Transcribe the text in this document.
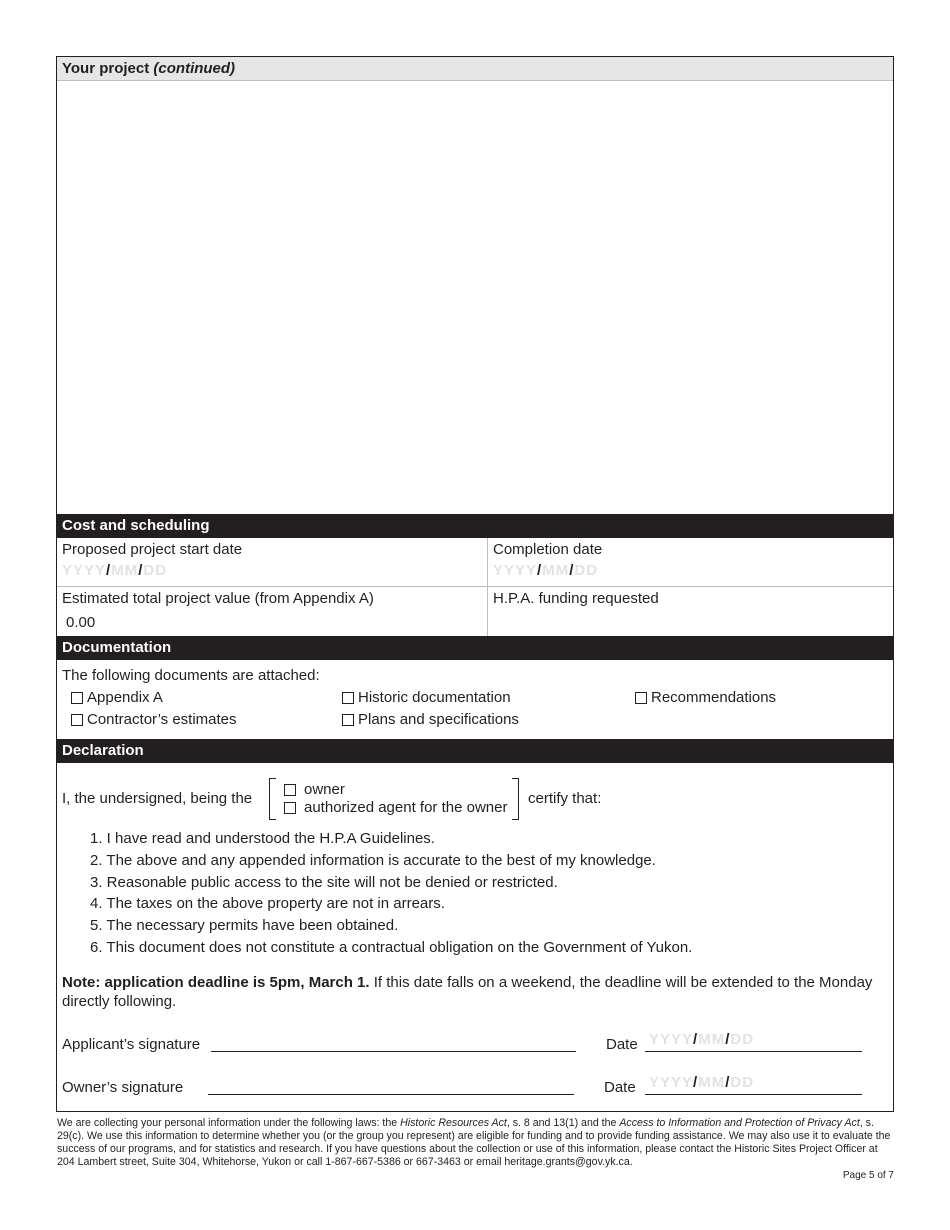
Your project (continued)
Cost and scheduling
Proposed project start date
YYYY/MM/DD
Completion date
YYYY/MM/DD
Estimated total project value (from Appendix A)
0.00
H.P.A. funding requested
Documentation
The following documents are attached:
Appendix A	Historic documentation	Recommendations
Contractor’s estimates	Plans and specifications
Declaration
I, the undersigned, being the
owner
authorized agent for the owner
certify that:
1. I have read and understood the H.P.A Guidelines.
2. The above and any appended information is accurate to the best of my knowledge.
3. Reasonable public access to the site will not be denied or restricted.
4. The taxes on the above property are not in arrears.
5. The necessary permits have been obtained.
6. This document does not constitute a contractual obligation on the Government of Yukon.
Note: application deadline is 5pm, March 1. If this date falls on a weekend, the deadline will be extended to the Monday directly following.
Applicant’s signature	Date YYYY/MM/DD
Owner’s signature	Date YYYY/MM/DD
We are collecting your personal information under the following laws: the Historic Resources Act, s. 8 and 13(1) and the Access to Information and Protection of Privacy Act, s. 29(c). We use this information to determine whether you (or the group you represent) are eligible for funding and to provide funding assistance. We may also use it to evaluate the success of our programs, and for statistics and research. If you have questions about the collection or use of this information, please contact the Historic Sites Project Officer at 204 Lambert street, Suite 304, Whitehorse, Yukon or call 1-867-667-5386 or 667-3463 or email heritage.grants@gov.yk.ca.
Page 5 of 7
